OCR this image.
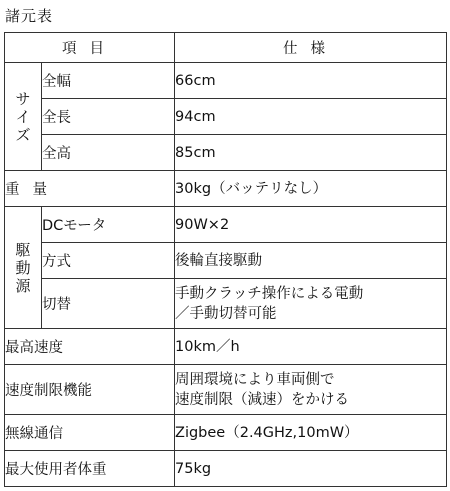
諸元表
項目		仕様

サ
イ
ズ	全幅	66cm
	全長	94cm
	全高	85cm
重量		30kg（バッテリなし）

駆
動
源	DCモータ	90W×2
	方式	後輪直接駆動
	切替	手動クラッチ操作による電動
／手動切替可能

最高速度		10km／h
速度制限機能		周囲環境により車両側で
速度制限（減速）をかける

無線通信		Zigbee（2.4GHz,10mW）
最大使用者体重		75kg
